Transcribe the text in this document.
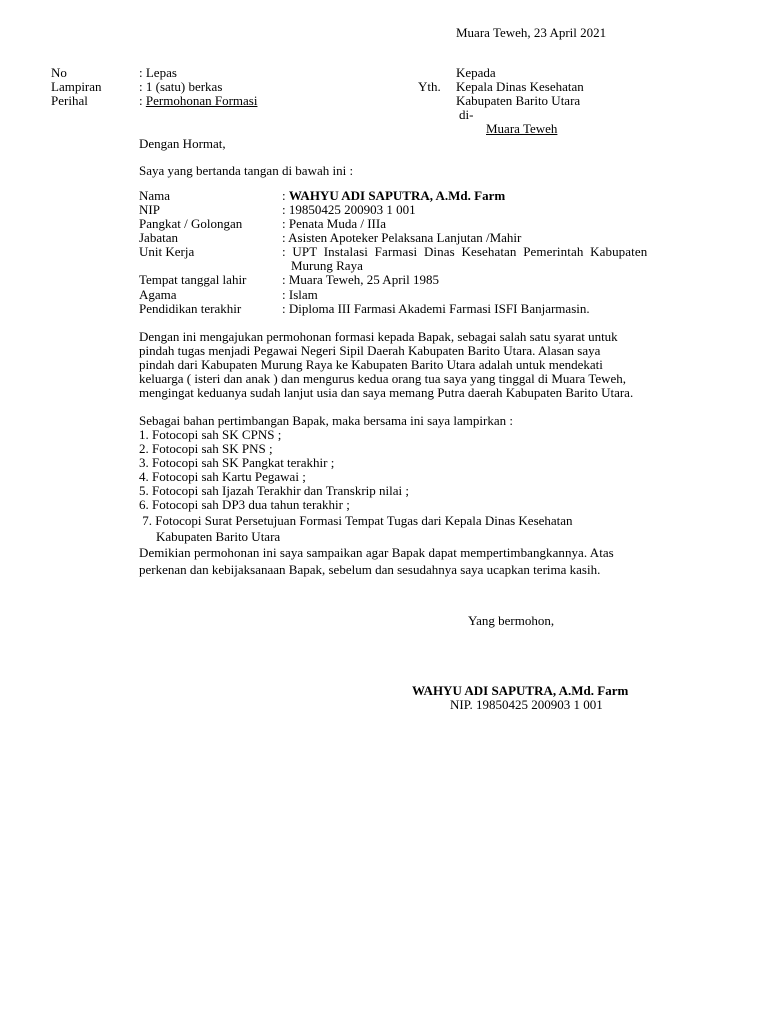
Muara Teweh, 23 April 2021
No	: Lepas
Lampiran	: 1 (satu) berkas
Perihal	: Permohonan Formasi
Kepada
Yth. Kepala Dinas Kesehatan
Kabupaten Barito Utara
di-
Muara Teweh
Dengan Hormat,
Saya yang bertanda tangan di bawah ini :
Nama	: WAHYU ADI SAPUTRA, A.Md. Farm
NIP	: 19850425 200903 1 001
Pangkat / Golongan	: Penata Muda / IIIa
Jabatan	: Asisten Apoteker Pelaksana Lanjutan /Mahir
Unit Kerja	:  UPT  Instalasi  Farmasi  Dinas  Kesehatan  Pemerintah  Kabupaten
Murung Raya
Tempat tanggal lahir	: Muara Teweh, 25 April 1985
Agama	: Islam
Pendidikan terakhir	: Diploma III Farmasi Akademi Farmasi ISFI Banjarmasin.
Dengan ini mengajukan permohonan formasi kepada Bapak, sebagai salah satu syarat untuk
pindah tugas menjadi Pegawai Negeri Sipil Daerah Kabupaten Barito Utara. Alasan saya
pindah dari Kabupaten Murung Raya ke Kabupaten Barito Utara adalah untuk mendekati
keluarga ( isteri dan anak ) dan mengurus kedua orang tua saya yang tinggal di Muara Teweh,
mengingat keduanya sudah lanjut usia dan saya memang Putra daerah Kabupaten Barito Utara.
Sebagai bahan pertimbangan Bapak, maka bersama ini saya lampirkan :
1. Fotocopi sah SK CPNS ;
2. Fotocopi sah SK PNS ;
3. Fotocopi sah SK Pangkat terakhir ;
4. Fotocopi sah Kartu Pegawai ;
5. Fotocopi sah Ijazah Terakhir dan Transkrip nilai ;
6. Fotocopi sah DP3 dua tahun terakhir ;
7. Fotocopi Surat Persetujuan Formasi Tempat Tugas dari Kepala Dinas Kesehatan
Kabupaten Barito Utara
Demikian permohonan ini saya sampaikan agar Bapak dapat mempertimbangkannya. Atas
perkenan dan kebijaksanaan Bapak, sebelum dan sesudahnya saya ucapkan terima kasih.
Yang bermohon,
WAHYU ADI SAPUTRA, A.Md. Farm
NIP. 19850425 200903 1 001
